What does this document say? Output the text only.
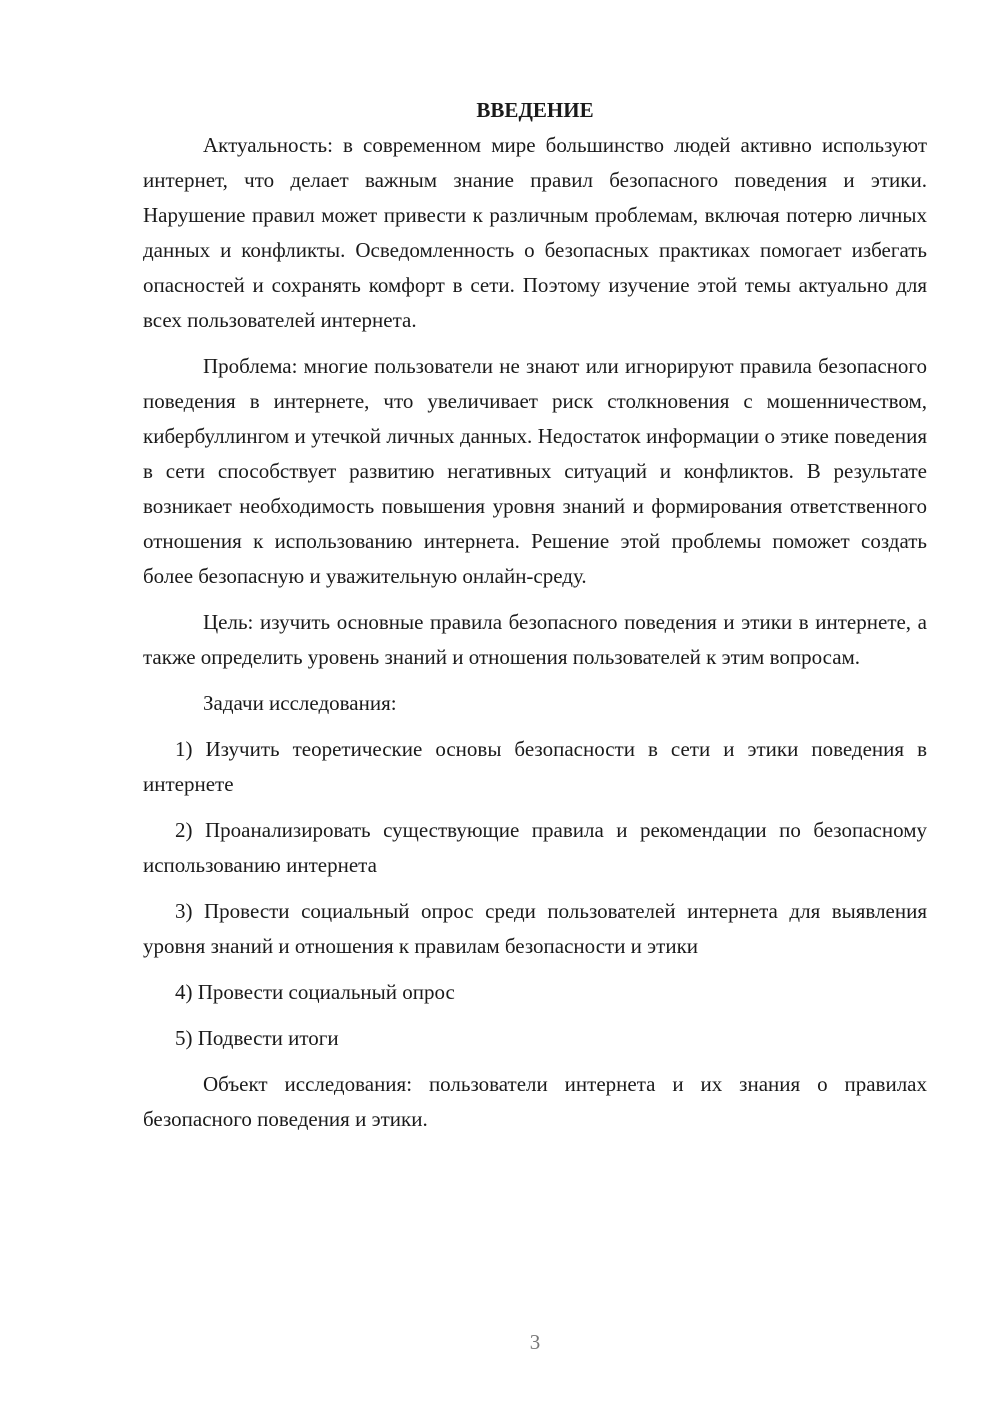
ВВЕДЕНИЕ

Актуальность: в современном мире большинство людей активно используют интернет, что делает важным знание правил безопасного поведения и этики. Нарушение правил может привести к различным проблемам, включая потерю личных данных и конфликты. Осведомленность о безопасных практиках помогает избегать опасностей и сохранять комфорт в сети. Поэтому изучение этой темы актуально для всех пользователей интернета.

Проблема: многие пользователи не знают или игнорируют правила безопасного поведения в интернете, что увеличивает риск столкновения с мошенничеством, кибербуллингом и утечкой личных данных. Недостаток информации о этике поведения в сети способствует развитию негативных ситуаций и конфликтов. В результате возникает необходимость повышения уровня знаний и формирования ответственного отношения к использованию интернета. Решение этой проблемы поможет создать более безопасную и уважительную онлайн-среду.

Цель: изучить основные правила безопасного поведения и этики в интернете, а также определить уровень знаний и отношения пользователей к этим вопросам.

Задачи исследования:

1) Изучить теоретические основы безопасности в сети и этики поведения в интернете

2) Проанализировать существующие правила и рекомендации по безопасному использованию интернета

3) Провести социальный опрос среди пользователей интернета для выявления уровня знаний и отношения к правилам безопасности и этики

4) Провести социальный опрос

5) Подвести итоги

Объект исследования: пользователи интернета и их знания о правилах безопасного поведения и этики.

3
